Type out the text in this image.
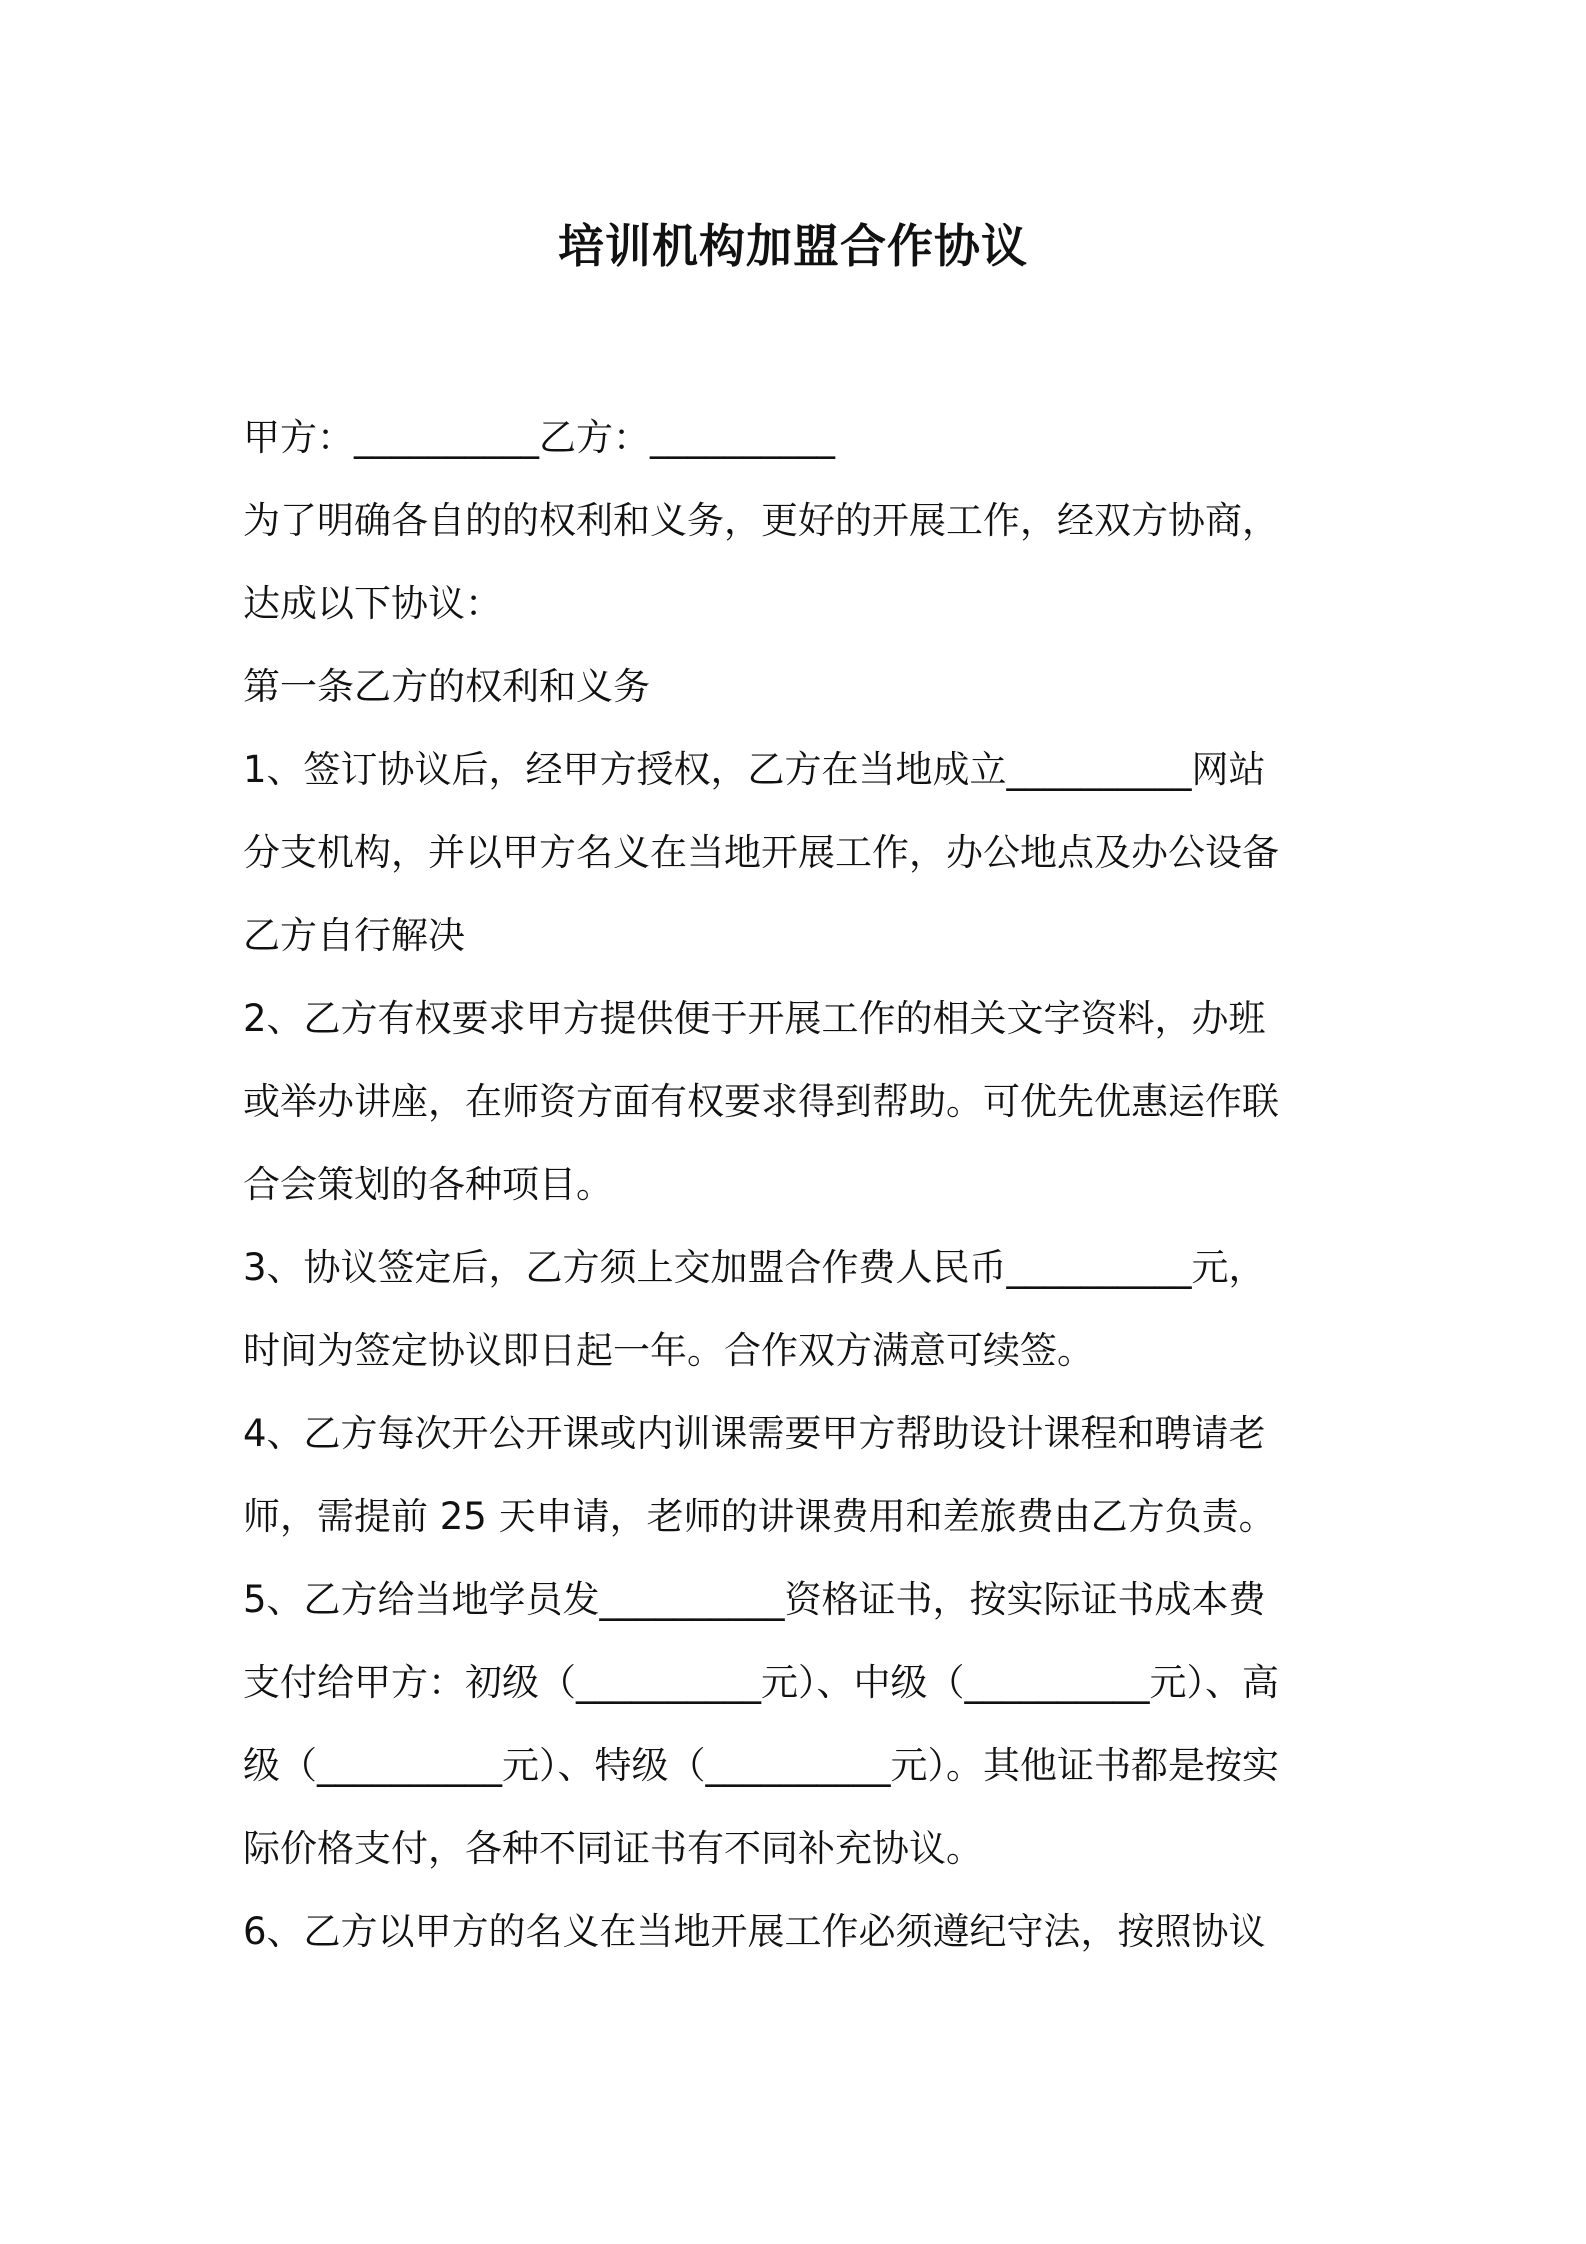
培训机构加盟合作协议
甲方：__________乙方：__________
为了明确各自的的权利和义务，更好的开展工作，经双方协商，
达成以下协议：
第一条乙方的权利和义务
1、签订协议后，经甲方授权，乙方在当地成立__________网站
分支机构，并以甲方名义在当地开展工作，办公地点及办公设备
乙方自行解决
2、乙方有权要求甲方提供便于开展工作的相关文字资料，办班
或举办讲座，在师资方面有权要求得到帮助。可优先优惠运作联
合会策划的各种项目。
3、协议签定后，乙方须上交加盟合作费人民币__________元，
时间为签定协议即日起一年。合作双方满意可续签。
4、乙方每次开公开课或内训课需要甲方帮助设计课程和聘请老
师，需提前 25 天申请，老师的讲课费用和差旅费由乙方负责。
5、乙方给当地学员发__________资格证书，按实际证书成本费
支付给甲方：初级（__________元）、中级（__________元）、高
级（__________元）、特级（__________元）。其他证书都是按实
际价格支付，各种不同证书有不同补充协议。
6、乙方以甲方的名义在当地开展工作必须遵纪守法，按照协议
